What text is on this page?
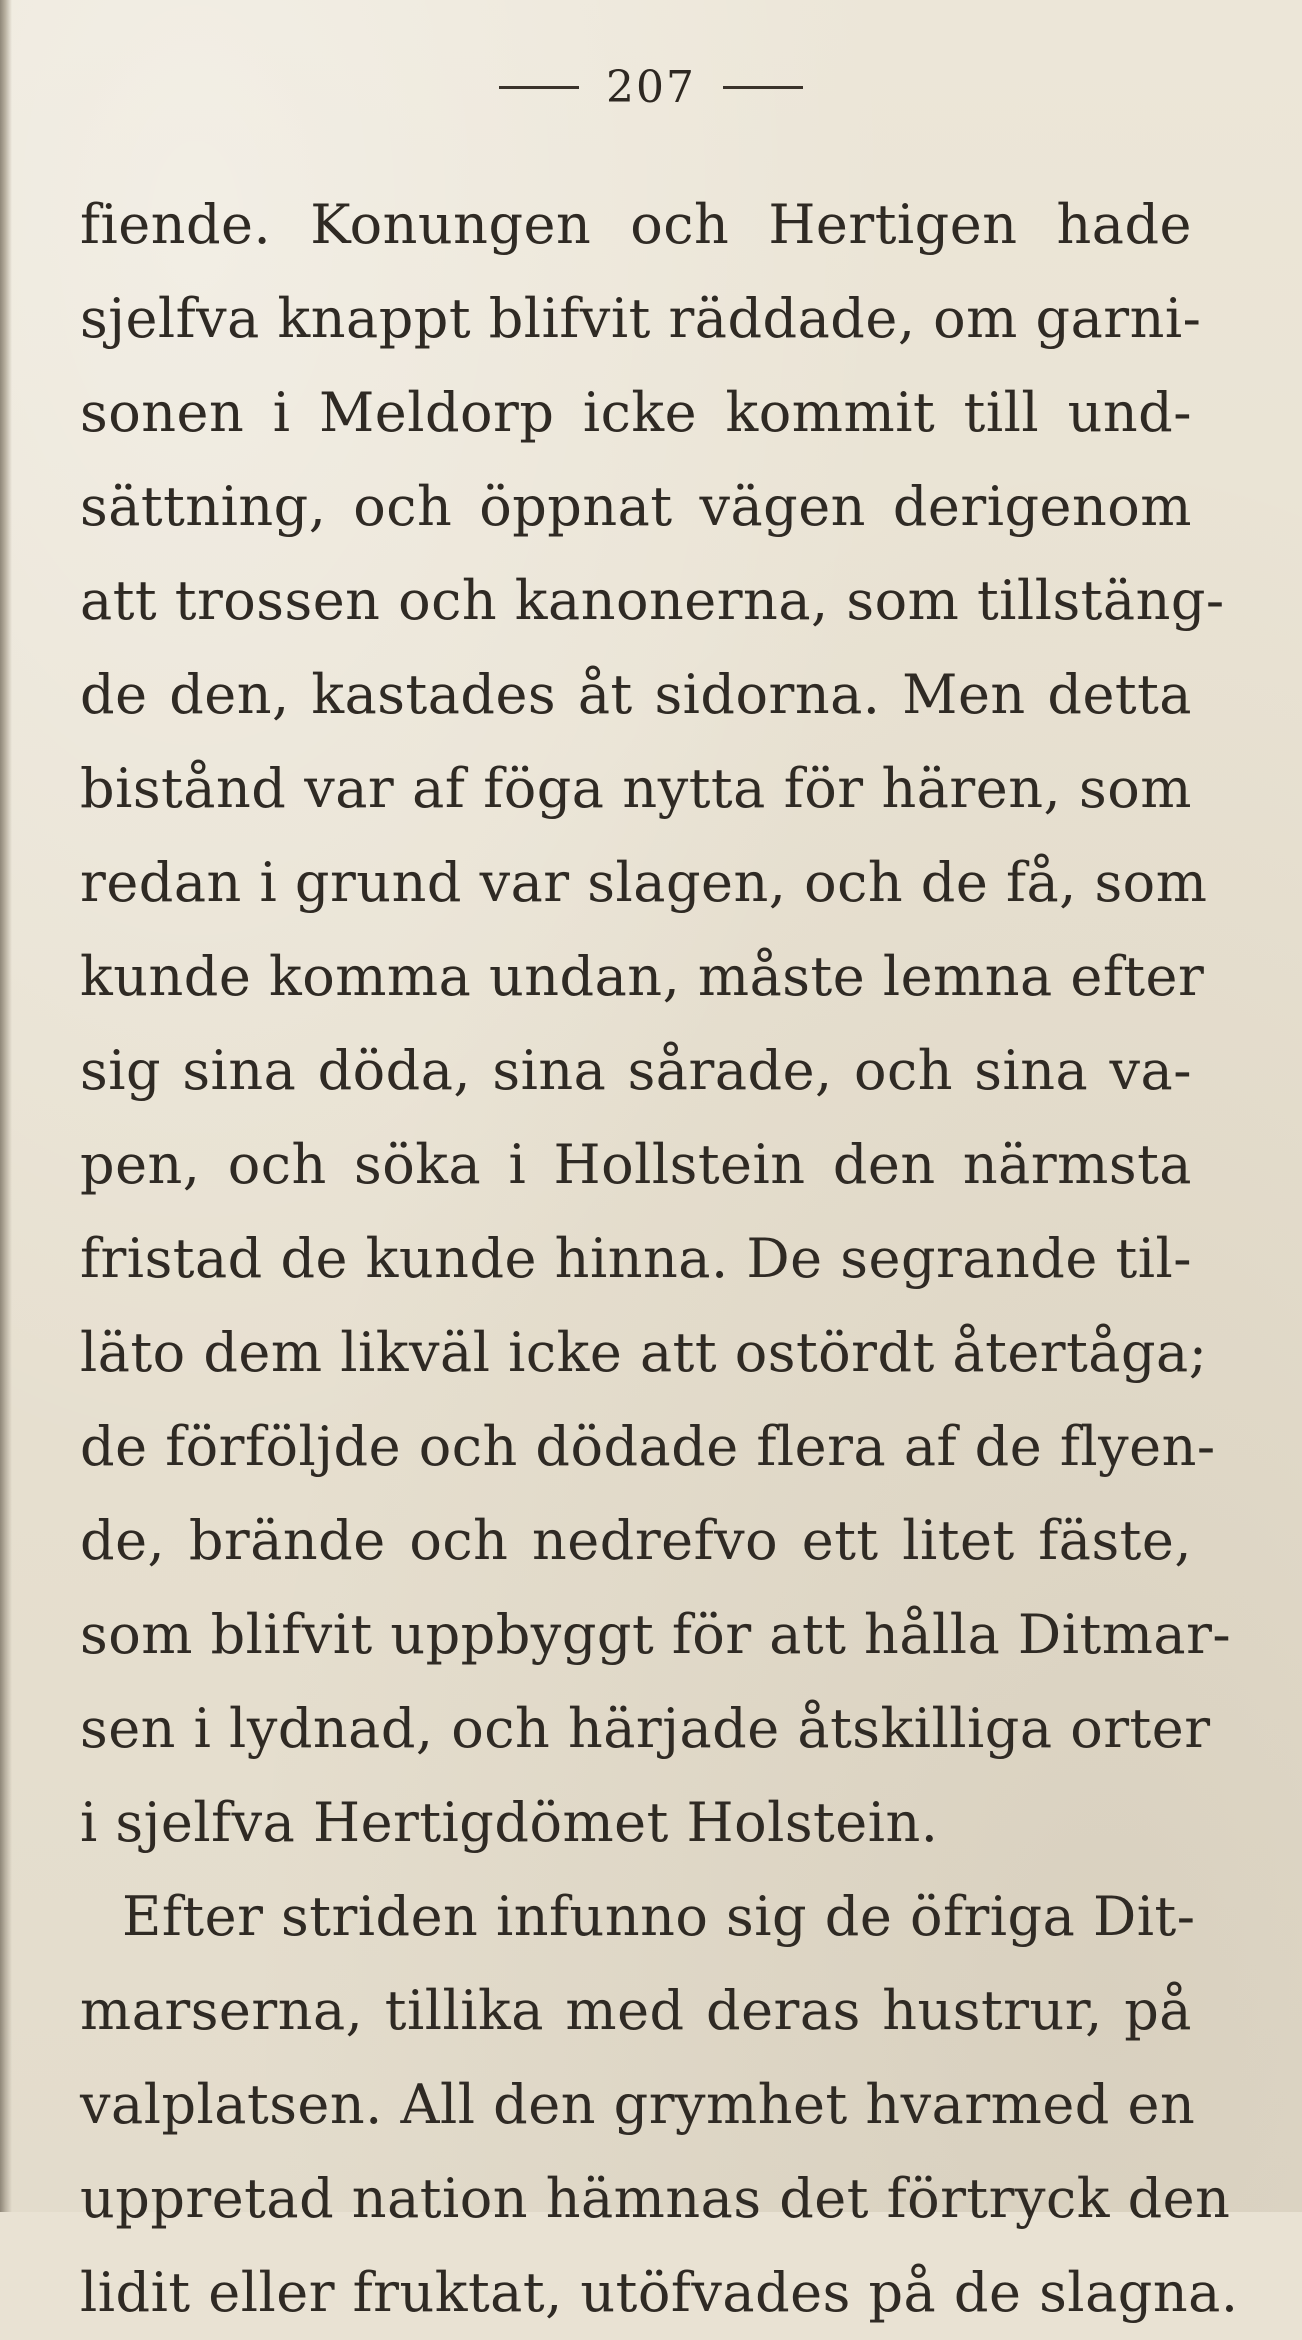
207
fiende. Konungen och Hertigen hade
sjelfva knappt blifvit räddade, om garni-
sonen i Meldorp icke kommit till und-
sättning, och öppnat vägen derigenom
att trossen och kanonerna, som tillstäng-
de den, kastades åt sidorna. Men detta
bistånd var af föga nytta för hären, som
redan i grund var slagen, och de få, som
kunde komma undan, måste lemna efter
sig sina döda, sina sårade, och sina va-
pen, och söka i Hollstein den närmsta
fristad de kunde hinna. De segrande til-
läto dem likväl icke att ostördt återtåga;
de förföljde och dödade flera af de flyen-
de, brände och nedrefvo ett litet fäste,
som blifvit uppbyggt för att hålla Ditmar-
sen i lydnad, och härjade åtskilliga orter
i sjelfva Hertigdömet Holstein.
Efter striden infunno sig de öfriga Dit-
marserna, tillika med deras hustrur, på
valplatsen. All den grymhet hvarmed en
uppretad nation hämnas det förtryck den
lidit eller fruktat, utöfvades på de slagna.
